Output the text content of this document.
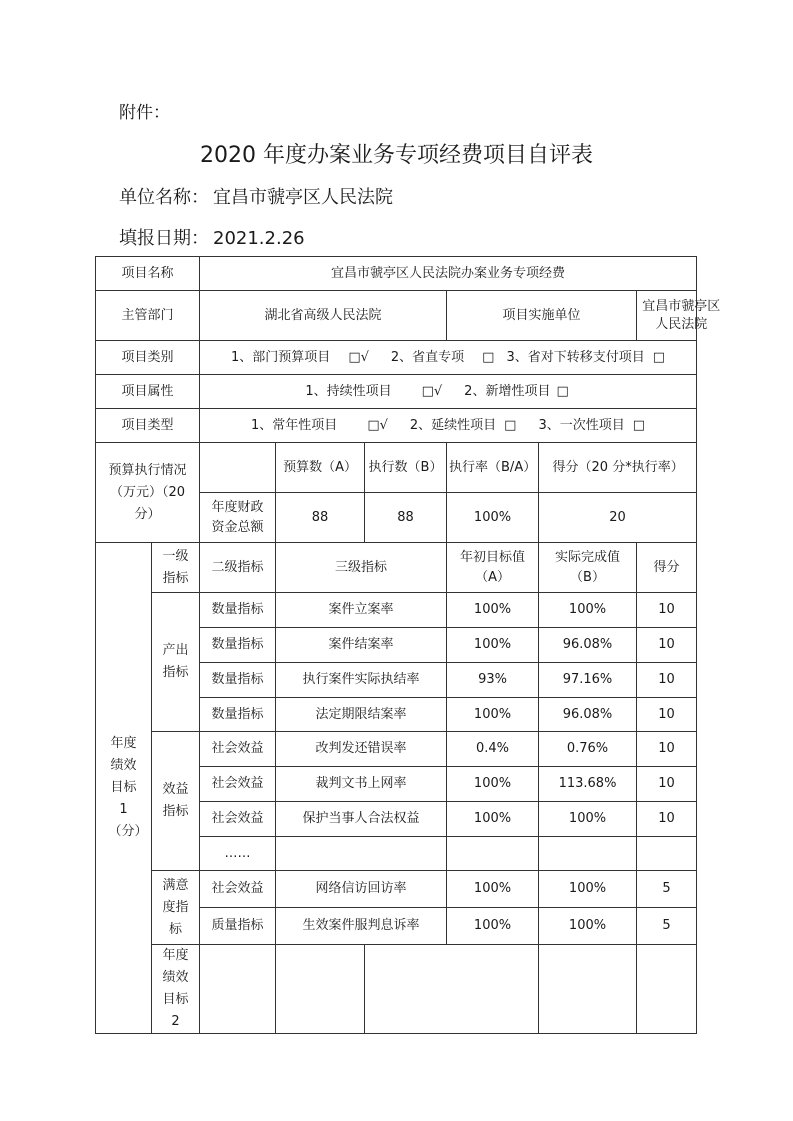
附件：
2020 年度办案业务专项经费项目自评表
单位名称： 宜昌市虢亭区人民法院
填报日期： 2021.2.26
项目名称		宜昌市虢亭区人民法院办案业务专项经费						
主管部门		湖北省高级人民法院			项目实施单位		宜昌市虢亭区人民法院	
项目类别		1、部门预算项目 □√ 2、省直专项 □ 3、省对下转移支付项目 □						
项目属性		1、持续性项目 □√ 2、新增性项目 □						
项目类型		1、常年性项目 □√ 2、延续性项目 □ 3、一次性项目 □						
预算执行情况（万元）（20 分）			预算数（A）	执行数（B）	执行率（B/A）	得分（20 分*执行率）		
		年度财政资金总额	88	88	100%	20		
年度绩效目标 1（分）	一级指标	二级指标	三级指标		年初目标值（A）	实际完成值（B）	得分	
	产出指标	数量指标	案件立案率		100%	100%	10	
		数量指标	案件结案率		100%	96.08%	10	
		数量指标	执行案件实际执结率		93%	97.16%	10	
		数量指标	法定期限结案率		100%	96.08%	10	
	效益指标	社会效益	改判发还错误率		0.4%	0.76%	10	
		社会效益	裁判文书上网率		100%	113.68%	10	
		社会效益	保护当事人合法权益		100%	100%	10	
		……						
	满意度指标	社会效益	网络信访回访率		100%	100%	5	
		质量指标	生效案件服判息诉率		100%	100%	5	
	年度绩效目标 2							
